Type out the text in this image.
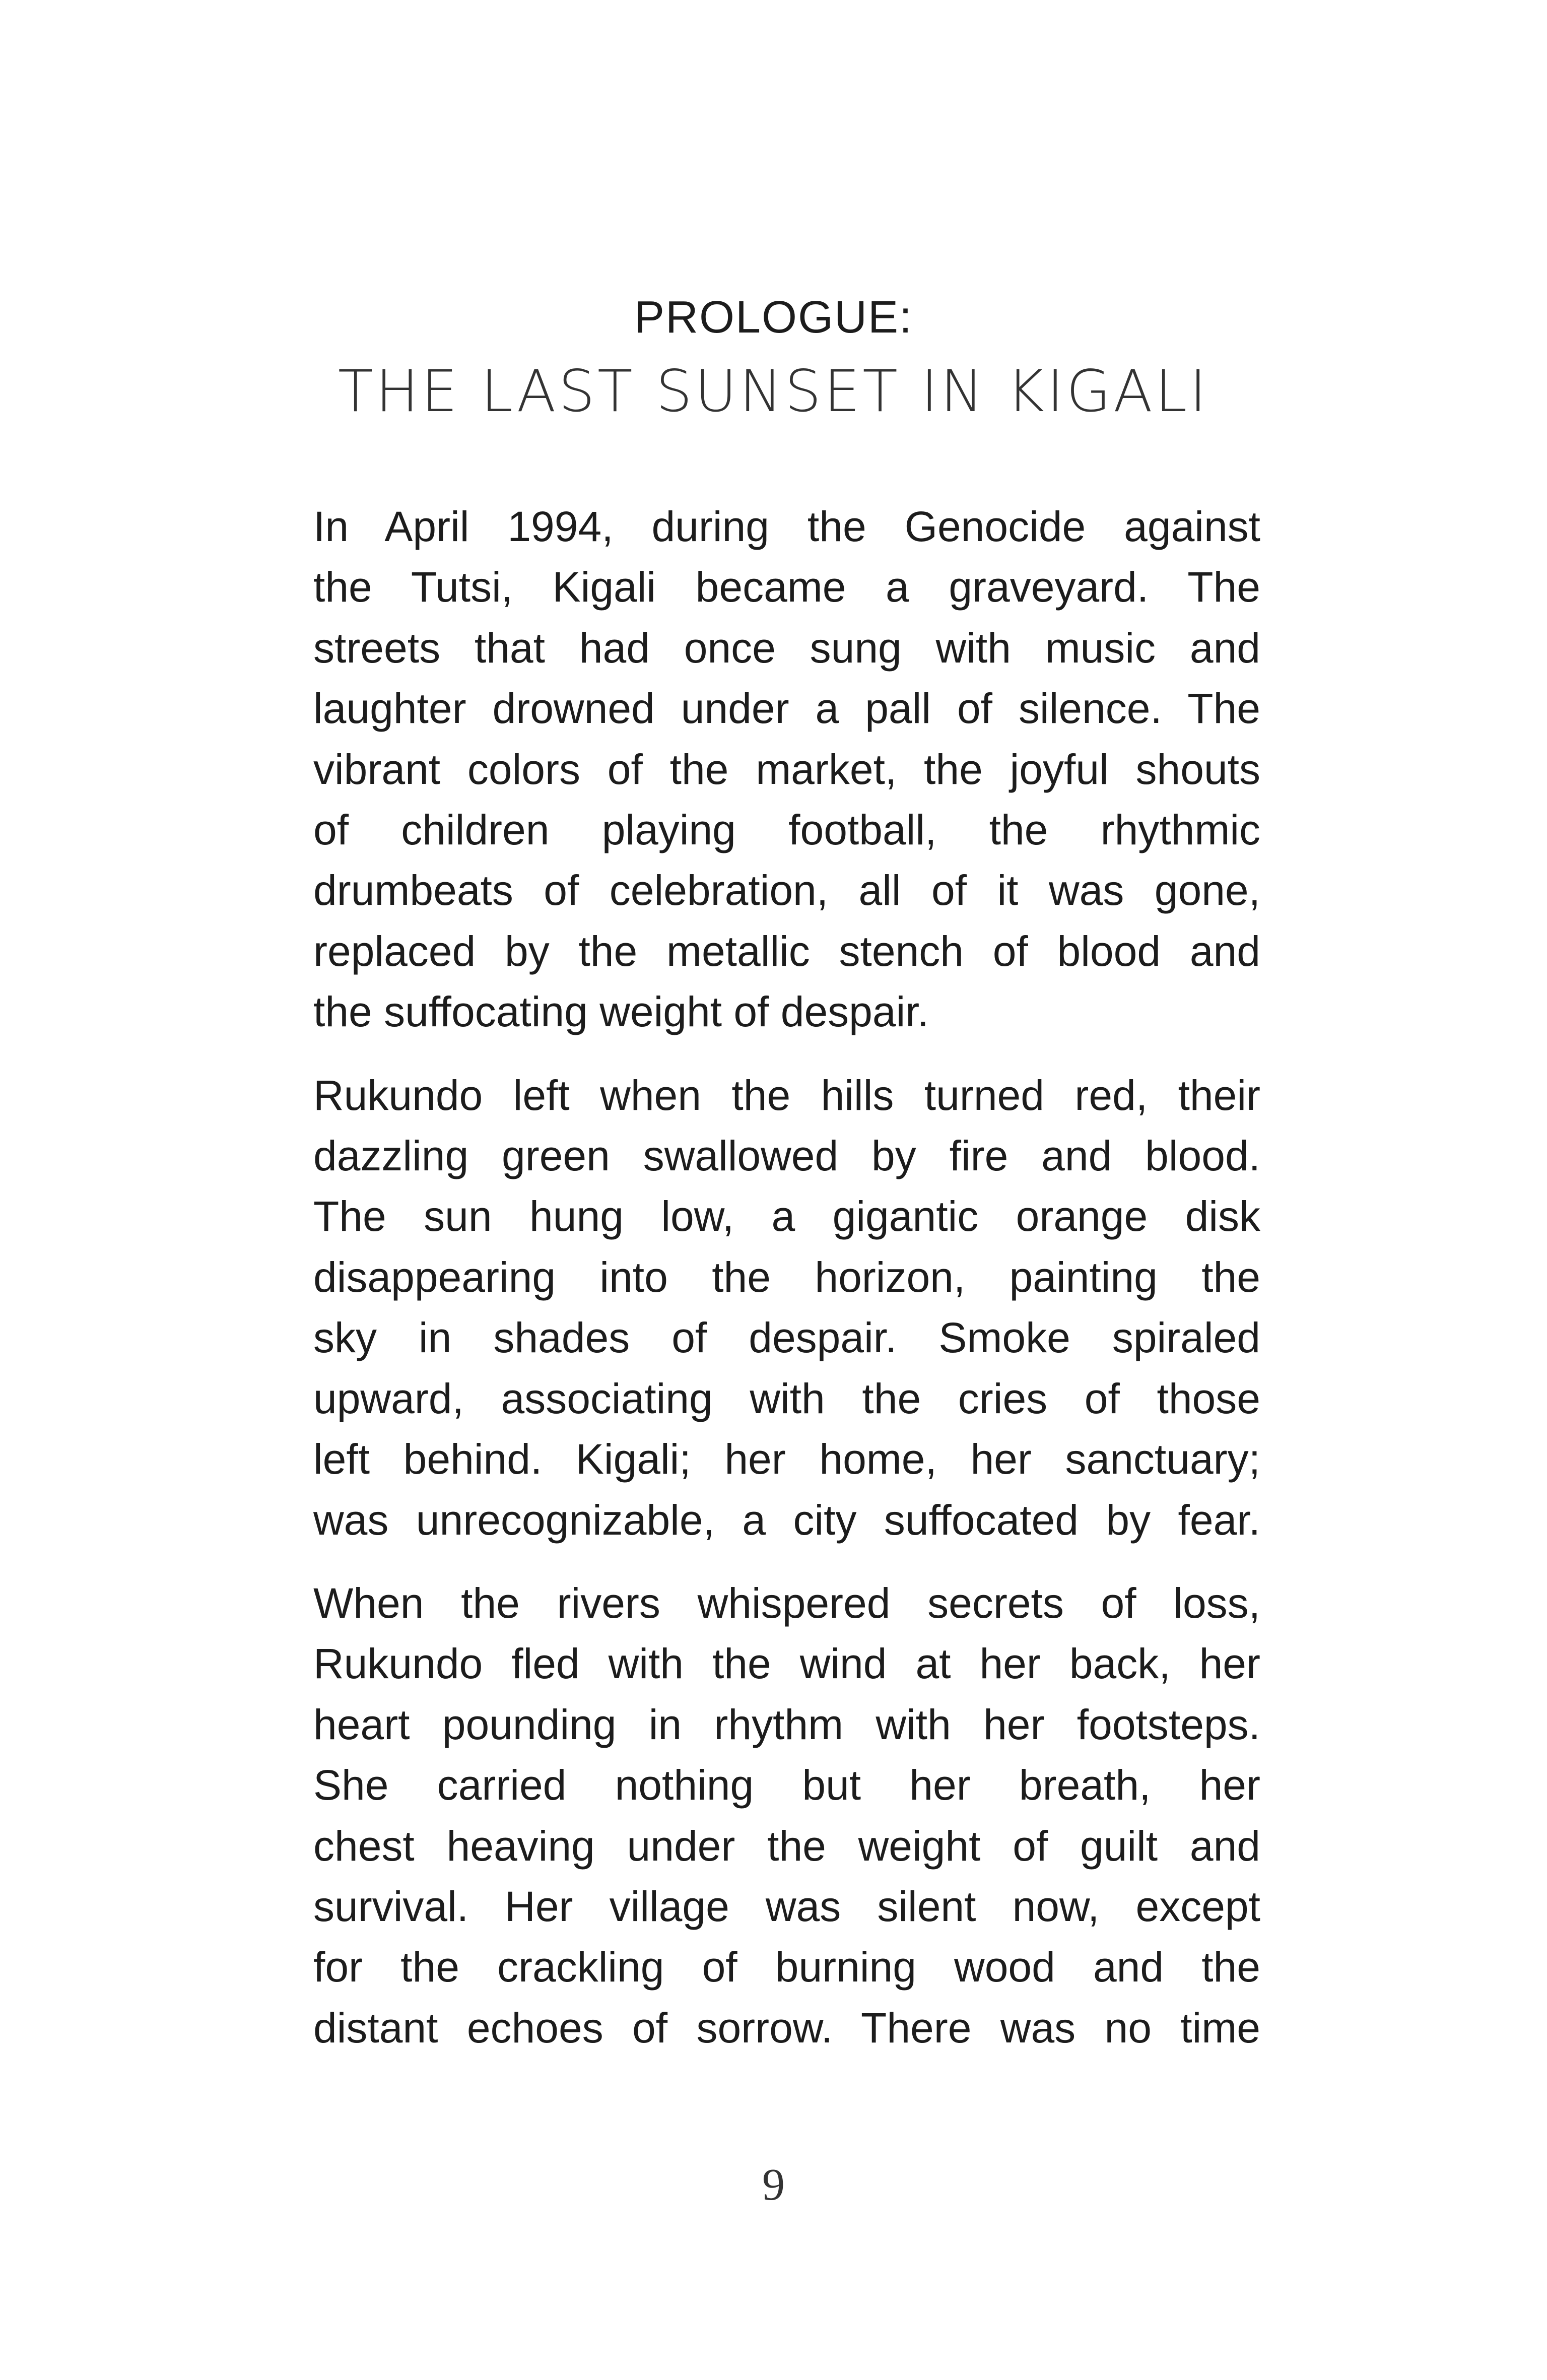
PROLOGUE:
THE LAST SUNSET IN KIGALI
In April 1994, during the Genocide against
the Tutsi, Kigali became a graveyard. The
streets that had once sung with music and
laughter drowned under a pall of silence. The
vibrant colors of the market, the joyful shouts
of children playing football, the rhythmic
drumbeats of celebration, all of it was gone,
replaced by the metallic stench of blood and
the suffocating weight of despair.
Rukundo left when the hills turned red, their
dazzling green swallowed by fire and blood.
The sun hung low, a gigantic orange disk
disappearing into the horizon, painting the
sky in shades of despair. Smoke spiraled
upward, associating with the cries of those
left behind. Kigali; her home, her sanctuary;
was unrecognizable, a city suffocated by fear.
When the rivers whispered secrets of loss,
Rukundo fled with the wind at her back, her
heart pounding in rhythm with her footsteps.
She carried nothing but her breath, her
chest heaving under the weight of guilt and
survival. Her village was silent now, except
for the crackling of burning wood and the
distant echoes of sorrow. There was no time
9
